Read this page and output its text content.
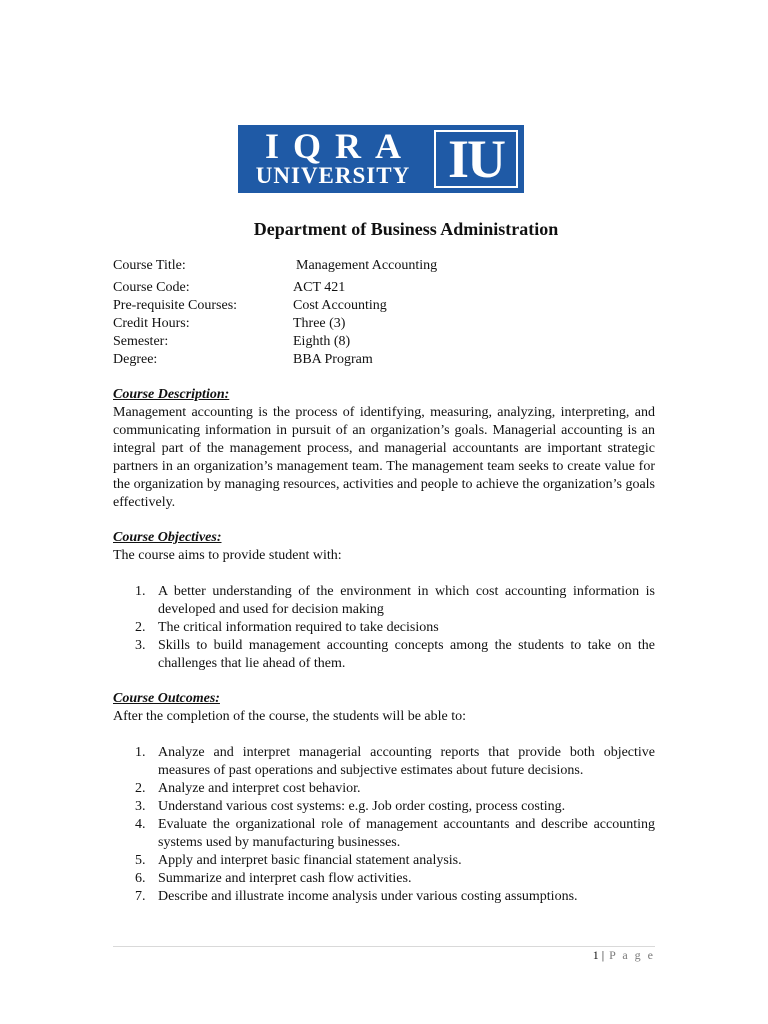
IQRA
UNIVERSITY IU
Department of Business Administration
Course Title:	Management Accounting
Course Code:	ACT 421
Pre-requisite Courses:	Cost Accounting
Credit Hours:	Three (3)
Semester:	Eighth (8)
Degree:	BBA Program
Course Description:

Management accounting is the process of identifying, measuring, analyzing, interpreting, and communicating information in pursuit of an organization’s goals. Managerial accounting is an integral part of the management process, and managerial accountants are important strategic partners in an organization’s management team. The management team seeks to create value for the organization by managing resources, activities and people to achieve the organization’s goals effectively.

Course Objectives:
The course aims to provide student with:
1. A better understanding of the environment in which cost accounting information is developed and used for decision making
2. The critical information required to take decisions
3. Skills to build management accounting concepts among the students to take on the challenges that lie ahead of them.
Course Outcomes:
After the completion of the course, the students will be able to:
1. Analyze and interpret managerial accounting reports that provide both objective measures of past operations and subjective estimates about future decisions.
2. Analyze and interpret cost behavior.
3. Understand various cost systems: e.g. Job order costing, process costing.
4. Evaluate the organizational role of management accountants and describe accounting systems used by manufacturing businesses.
5. Apply and interpret basic financial statement analysis.
6. Summarize and interpret cash flow activities.
7. Describe and illustrate income analysis under various costing assumptions.
1 | P a g e
